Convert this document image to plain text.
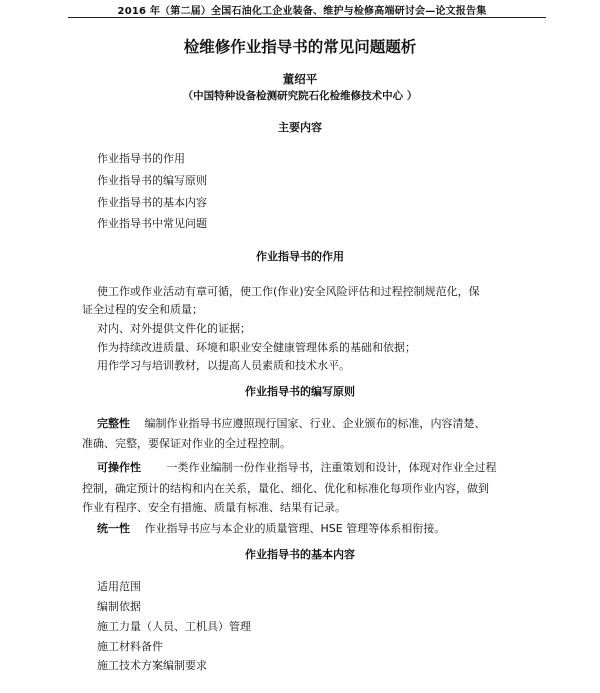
2016 年（第二届）全国石油化工企业装备、维护与检修高端研讨会—论文报告集
检维修作业指导书的常见问题题析
董绍平
（中国特种设备检测研究院石化检维修技术中心 ）
主要内容
作业指导书的作用
作业指导书的编写原则
作业指导书的基本内容
作业指导书中常见问题
作业指导书的作用
使工作或作业活动有章可循，使工作(作业)安全风险评估和过程控制规范化，保
证全过程的安全和质量；
对内、对外提供文件化的证据；
作为持续改进质量、环境和职业安全健康管理体系的基础和依据；
用作学习与培训教材，以提高人员素质和技术水平。
作业指导书的编写原则
完整性 编制作业指导书应遵照现行国家、行业、企业颁布的标准，内容清楚、
准确、完整，要保证对作业的全过程控制。
可操作性 一类作业编制一份作业指导书，注重策划和设计，体现对作业全过程
控制，确定预计的结构和内在关系，量化、细化、优化和标准化每项作业内容，做到
作业有程序、安全有措施、质量有标准、结果有记录。
统一性 作业指导书应与本企业的质量管理、HSE 管理等体系相衔接。
作业指导书的基本内容
适用范围
编制依据
施工力量（人员、工机具）管理
施工材料备件
施工技术方案编制要求
